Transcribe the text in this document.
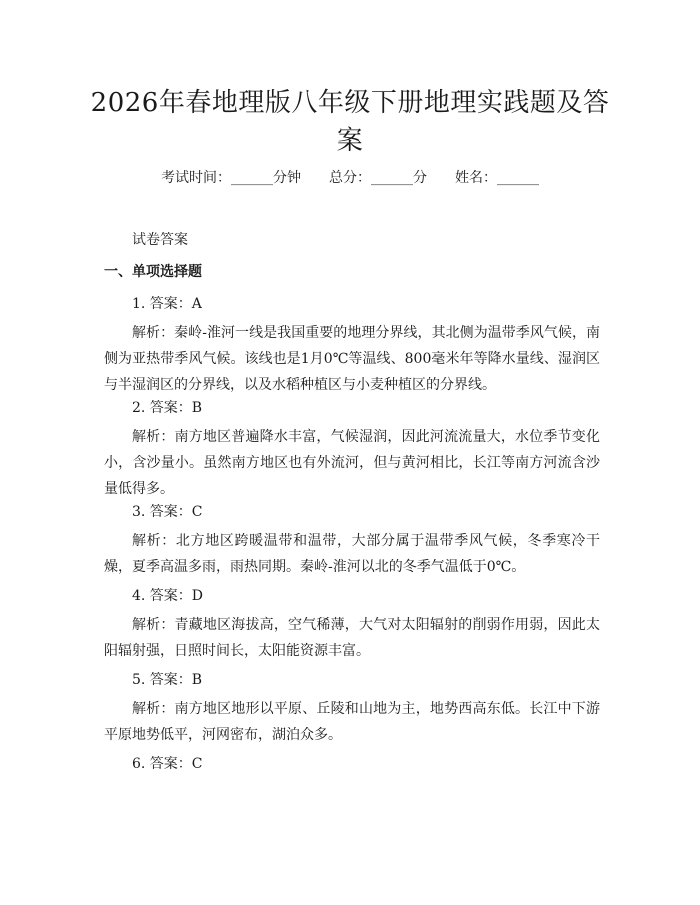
2026年春地理版八年级下册地理实践题及答案
考试时间：______分钟 总分：______分 姓名：______
试卷答案
一、单项选择题
1. 答案：A

解析：秦岭-淮河一线是我国重要的地理分界线，其北侧为温带季风气候，南侧为亚热带季风气候。该线也是1月0℃等温线、800毫米年等降水量线、湿润区与半湿润区的分界线，以及水稻种植区与小麦种植区的分界线。

2. 答案：B

解析：南方地区普遍降水丰富，气候湿润，因此河流流量大，水位季节变化小，含沙量小。虽然南方地区也有外流河，但与黄河相比，长江等南方河流含沙量低得多。

3. 答案：C

解析：北方地区跨暖温带和温带，大部分属于温带季风气候，冬季寒冷干燥，夏季高温多雨，雨热同期。秦岭-淮河以北的冬季气温低于0℃。

4. 答案：D

解析：青藏地区海拔高，空气稀薄，大气对太阳辐射的削弱作用弱，因此太阳辐射强，日照时间长，太阳能资源丰富。

5. 答案：B

解析：南方地区地形以平原、丘陵和山地为主，地势西高东低。长江中下游平原地势低平，河网密布，湖泊众多。

6. 答案：C
